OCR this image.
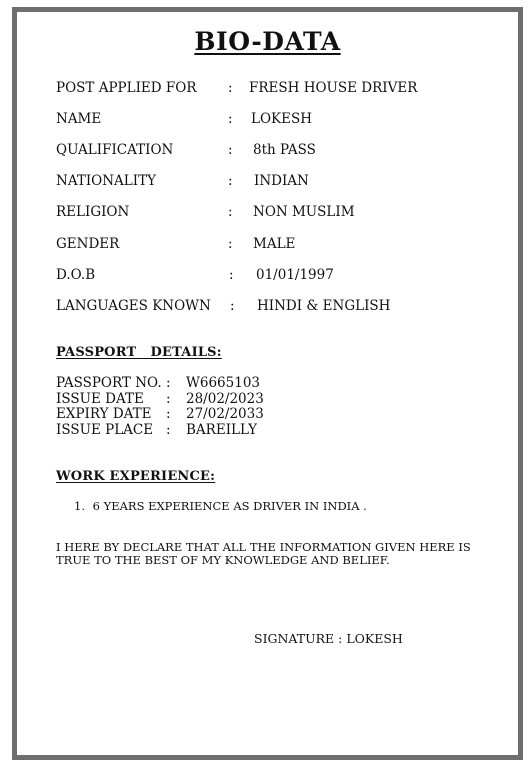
BIO-DATA
POST APPLIED FOR : FRESH HOUSE DRIVER
NAME	: LOKESH
QUALIFICATION	: 8th PASS
NATIONALITY	: INDIAN
RELIGION	: NON MUSLIM
GENDER	: MALE
D.O.B	: 01/01/1997
LANGUAGES KNOWN : HINDI & ENGLISH
PASSPORT   DETAILS:
PASSPORT NO. : W6665103
ISSUE DATE : 28/02/2023
EXPIRY DATE : 27/02/2033
ISSUE PLACE : BAREILLY
WORK EXPERIENCE:
1. 6 YEARS EXPERIENCE AS DRIVER IN INDIA .
I HERE BY DECLARE THAT ALL THE INFORMATION GIVEN HERE IS TRUE TO THE BEST OF MY KNOWLEDGE AND BELIEF.
SIGNATURE : LOKESH
